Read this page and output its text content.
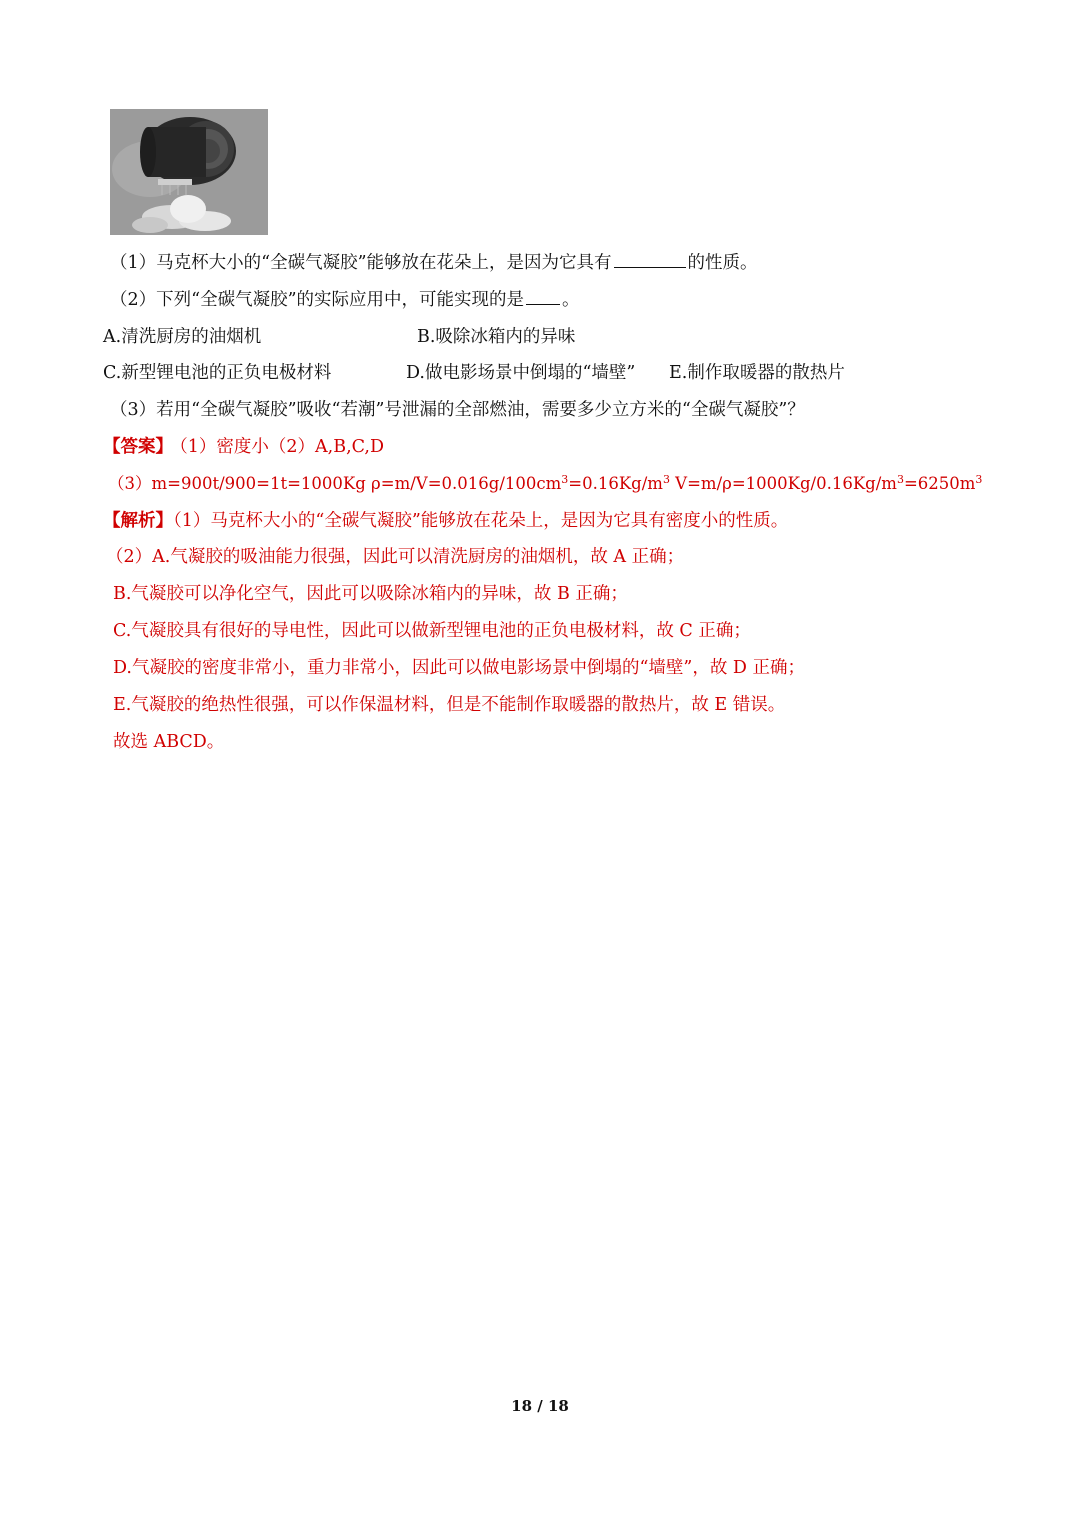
（1）马克杯大小的“全碳气凝胶”能够放在花朵上，是因为它具有	的性质。
（2）下列“全碳气凝胶”的实际应用中，可能实现的是 。
A.清洗厨房的油烟机	B.吸除冰箱内的异味
C.新型锂电池的正负电极材料	D.做电影场景中倒塌的“墙壁” E.制作取暖器的散热片
（3）若用“全碳气凝胶”吸收“若潮”号泄漏的全部燃油，需要多少立方米的“全碳气凝胶”？
【答案】 （1）密度小（2）A,B,C,D
（3）m=900t/900=1t=1000Kg $\rho=m/V=0.016g/100cm^3=0.16Kg/m^3$ $V=m/\rho=1000Kg/0.16Kg/m^3=6250m^3$
【解析】（1）马克杯大小的“全碳气凝胶”能够放在花朵上，是因为它具有密度小的性质。
（2）A.气凝胶的吸油能力很强，因此可以清洗厨房的油烟机，故 A 正确；
B.气凝胶可以净化空气，因此可以吸除冰箱内的异味，故 B 正确；
C.气凝胶具有很好的导电性，因此可以做新型锂电池的正负电极材料，故 C 正确；
D.气凝胶的密度非常小，重力非常小，因此可以做电影场景中倒塌的“墙壁”，故 D 正确；
E.气凝胶的绝热性很强，可以作保温材料，但是不能制作取暖器的散热片，故 E 错误。
故选 ABCD。
18 / 18
